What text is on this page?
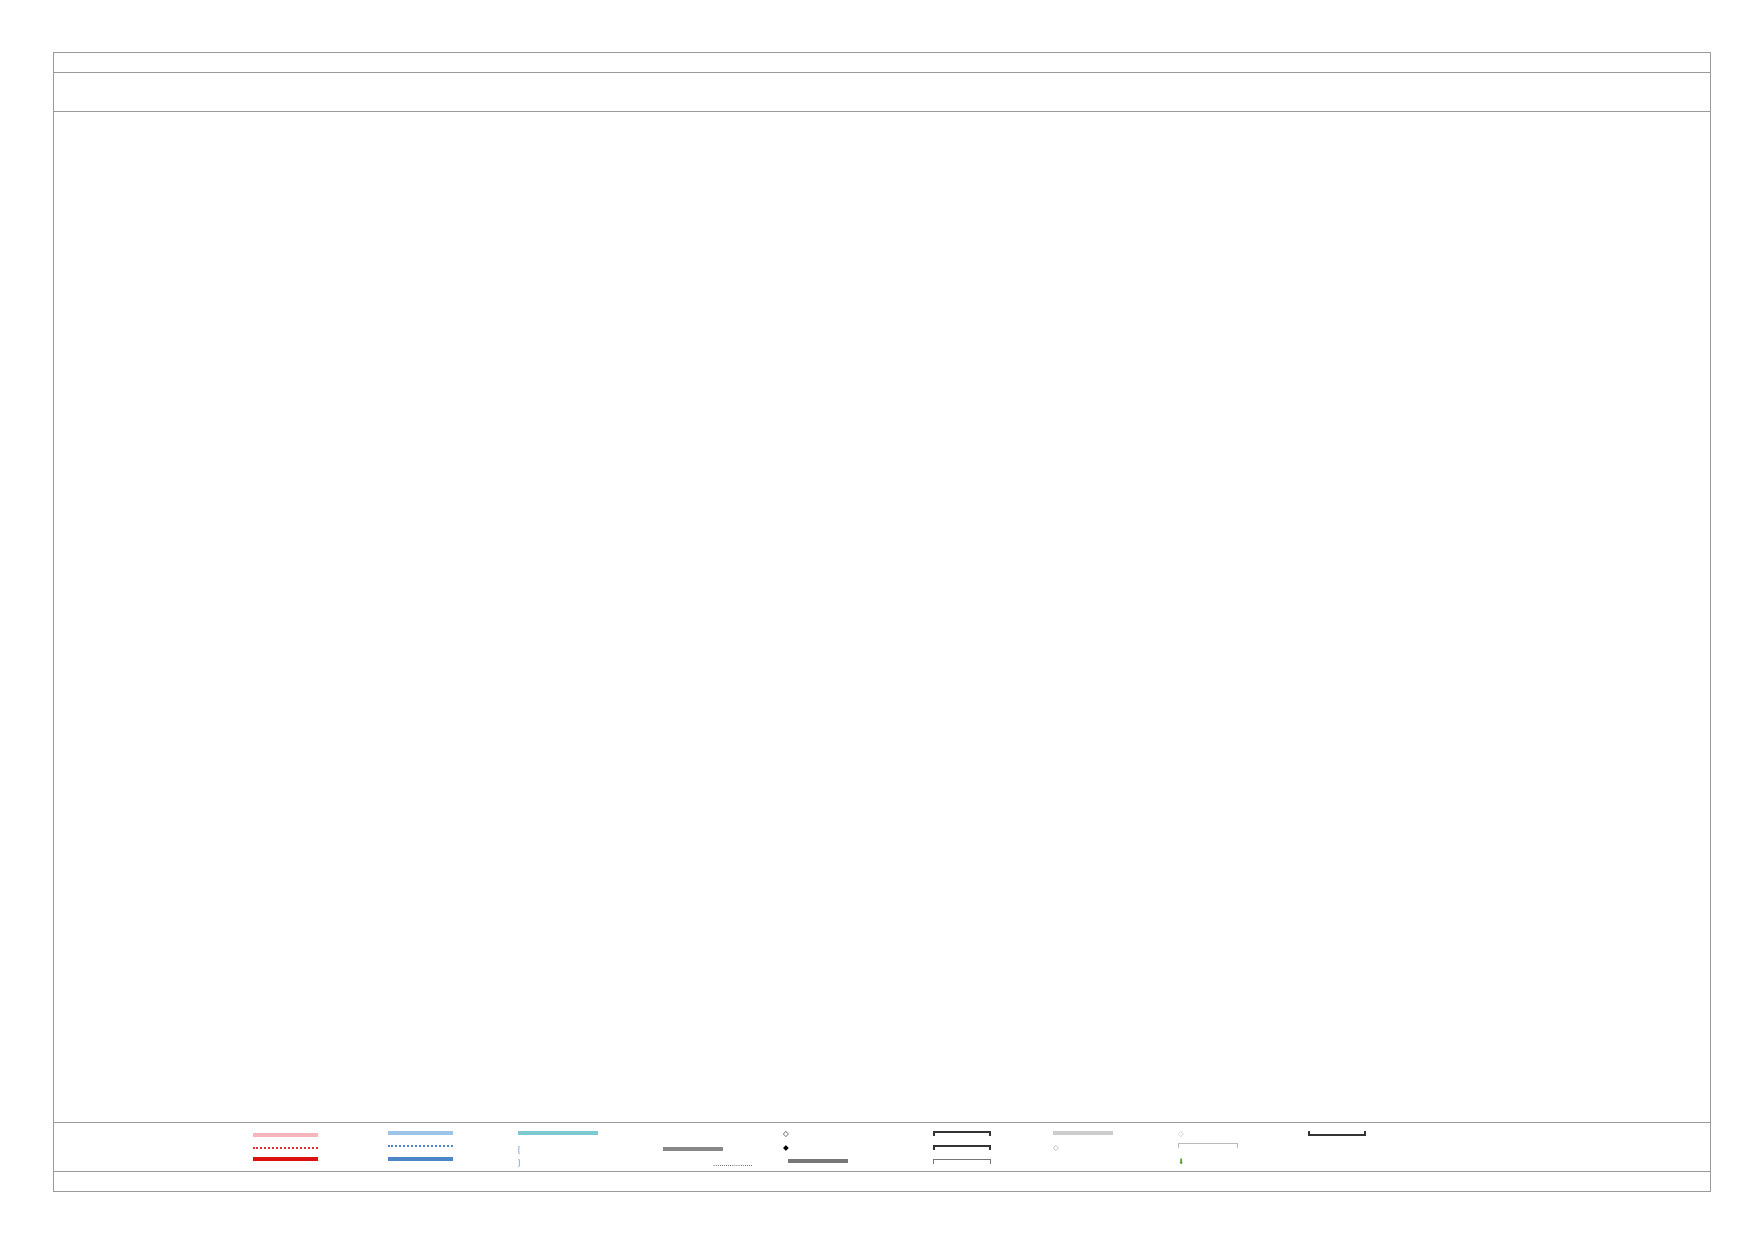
[
]	...................
◇
◆	◇
⬇
◇
